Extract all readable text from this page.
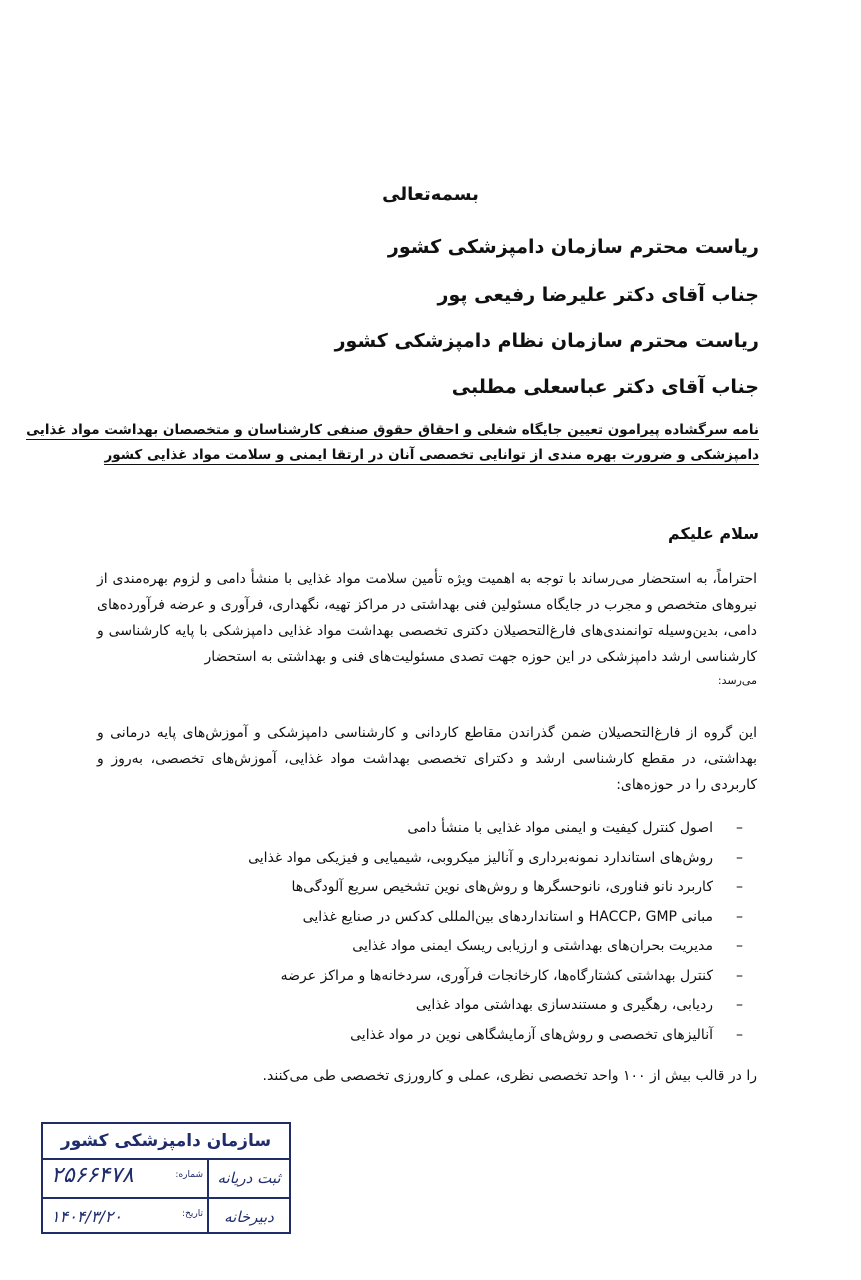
بسمه‌تعالی
ریاست محترم سازمان دامپزشکی کشور
جناب آقای دکتر علیرضا رفیعی پور
ریاست محترم سازمان نظام دامپزشکی کشور
جناب آقای دکتر عباسعلی مطلبی
نامه سرگشاده پیرامون تعیین جایگاه شغلی و احقاق حقوق صنفی کارشناسان و متخصصان بهداشت مواد غذایی
دامپزشکی و ضرورت بهره مندی از توانایی تخصصی آنان در ارتقا ایمنی و سلامت مواد غذایی کشور
سلام علیکم
احتراماً، به استحضار می‌رساند با توجه به اهمیت ویژه تأمین سلامت مواد غذایی با منشأ دامی و لزوم بهره‌مندی از نیروهای متخصص و مجرب در جایگاه مسئولین فنی بهداشتی در مراکز تهیه، نگهداری، فرآوری و عرضه فرآورده‌های دامی، بدین‌وسیله توانمندی‌های فارغ‌التحصیلان دکتری تخصصی بهداشت مواد غذایی دامپزشکی با پایه کارشناسی و کارشناسی ارشد دامپزشکی در این حوزه جهت تصدی مسئولیت‌های فنی و بهداشتی به استحضار
می‌رسد:
این گروه از فارغ‌التحصیلان ضمن گذراندن مقاطع کاردانی و کارشناسی دامپزشکی و آموزش‌های پایه درمانی و بهداشتی، در مقطع کارشناسی ارشد و دکترای تخصصی بهداشت مواد غذایی، آموزش‌های تخصصی، به‌روز و کاربردی را در حوزه‌های:
–اصول کنترل کیفیت و ایمنی مواد غذایی با منشأ دامی
–روش‌های استاندارد نمونه‌برداری و آنالیز میکروبی، شیمیایی و فیزیکی مواد غذایی
–کاربرد نانو فناوری، نانوحسگرها و روش‌های نوین تشخیص سریع آلودگی‌ها
–مبانی HACCP، GMP و استانداردهای بین‌المللی کدکس در صنایع غذایی
–مدیریت بحران‌های بهداشتی و ارزیابی ریسک ایمنی مواد غذایی
–کنترل بهداشتی کشتارگاه‌ها، کارخانجات فرآوری، سردخانه‌ها و مراکز عرضه
–ردیابی، رهگیری و مستندسازی بهداشتی مواد غذایی
–آنالیزهای تخصصی و روش‌های آزمایشگاهی نوین در مواد غذایی
را در قالب بیش از ۱۰۰ واحد تخصصی نظری، عملی و کارورزی تخصصی طی می‌کنند.
سازمان دامپزشکی کشور
ثبت دریانه
دبیرخانه
شماره:
۲۵۶۶۴۷۸
تاریخ:
۱۴۰۴/۳/۲۰
